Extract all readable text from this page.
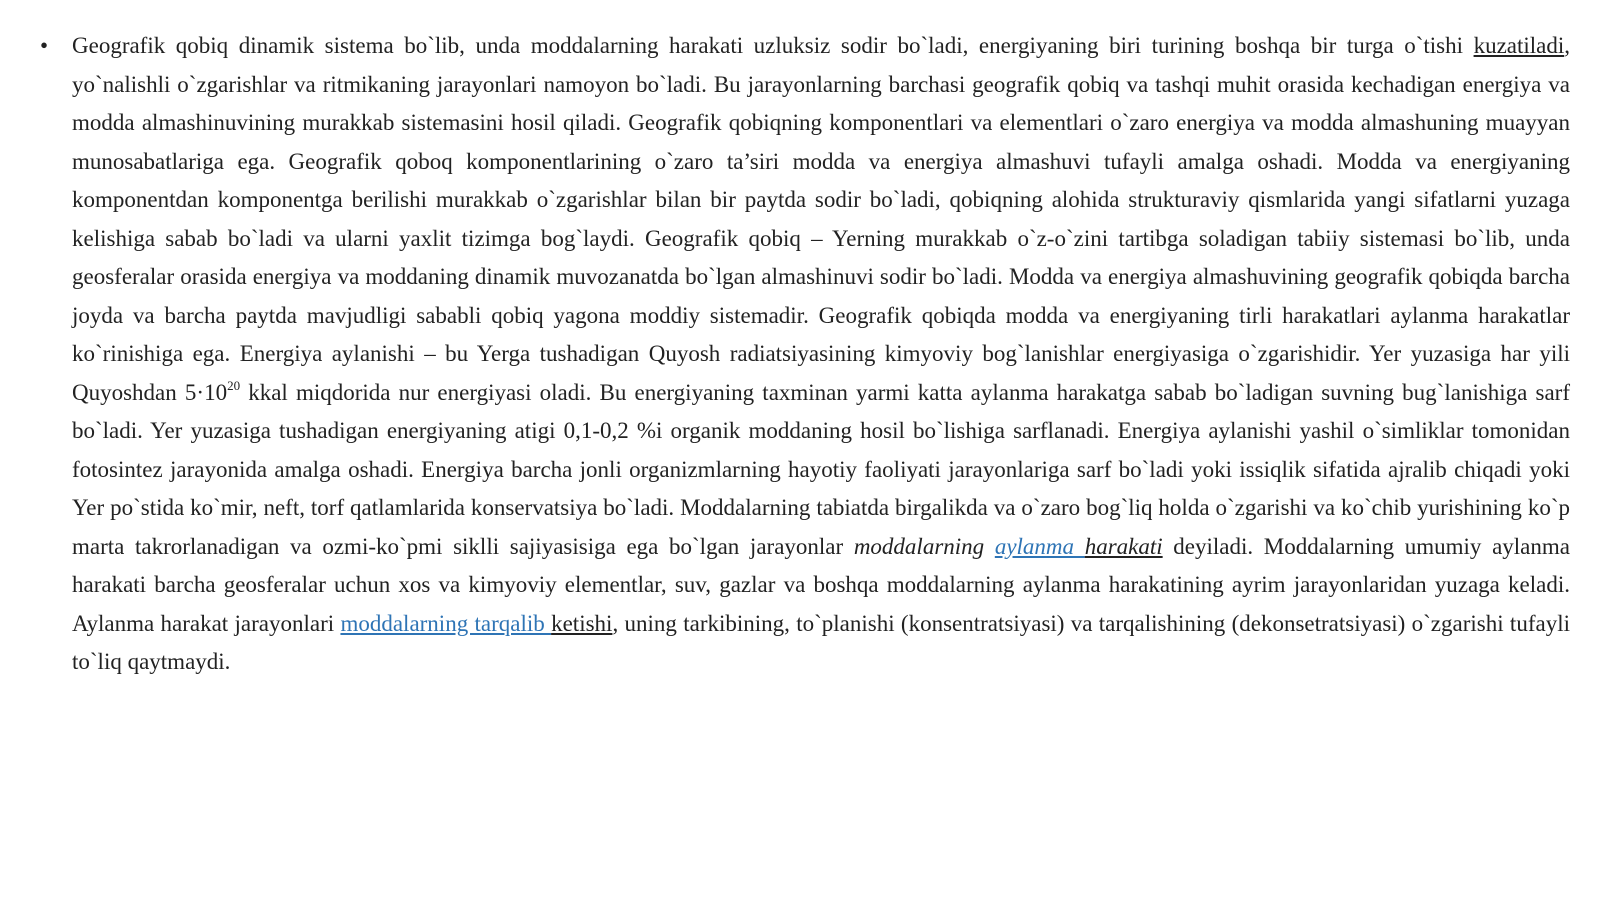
• Geografik qobiq dinamik sistema bo`lib, unda moddalarning harakati uzluksiz sodir bo`ladi, energiyaning biri turining boshqa bir turga o`tishi kuzatiladi, yo`nalishli o`zgarishlar va ritmikaning jarayonlari namoyon bo`ladi. Bu jarayonlarning barchasi geografik qobiq va tashqi muhit orasida kechadigan energiya va modda almashinuvining murakkab sistemasini hosil qiladi. Geografik qobiqning komponentlari va elementlari o`zaro energiya va modda almashuning muayyan munosabatlariga ega. Geografik qoboq komponentlarining o`zaro ta’siri modda va energiya almashuvi tufayli amalga oshadi. Modda va energiyaning komponentdan komponentga berilishi murakkab o`zgarishlar bilan bir paytda sodir bo`ladi, qobiqning alohida strukturaviy qismlarida yangi sifatlarni yuzaga kelishiga sabab bo`ladi va ularni yaxlit tizimga bog`laydi. Geografik qobiq – Yerning murakkab o`z-o`zini tartibga soladigan tabiiy sistemasi bo`lib, unda geosferalar orasida energiya va moddaning dinamik muvozanatda bo`lgan almashinuvi sodir bo`ladi. Modda va energiya almashuvining geografik qobiqda barcha joyda va barcha paytda mavjudligi sababli qobiq yagona moddiy sistemadir. Geografik qobiqda modda va energiyaning tirli harakatlari aylanma harakatlar ko`rinishiga ega. Energiya aylanishi – bu Yerga tushadigan Quyosh radiatsiyasining kimyoviy bog`lanishlar energiyasiga o`zgarishidir. Yer yuzasiga har yili Quyoshdan $5\cdot 10^{20}$ kkal miqdorida nur energiyasi oladi. Bu energiyaning taxminan yarmi katta aylanma harakatga sabab bo`ladigan suvning bug`lanishiga sarf bo`ladi. Yer yuzasiga tushadigan energiyaning atigi 0,1-0,2 %i organik moddaning hosil bo`lishiga sarflanadi. Energiya aylanishi yashil o`simliklar tomonidan fotosintez jarayonida amalga oshadi. Energiya barcha jonli organizmlarning hayotiy faoliyati jarayonlariga sarf bo`ladi yoki issiqlik sifatida ajralib chiqadi yoki Yer po`stida ko`mir, neft, torf qatlamlarida konservatsiya bo`ladi. Moddalarning tabiatda birgalikda va o`zaro bog`liq holda o`zgarishi va ko`chib yurishining ko`p marta takrorlanadigan va ozmi-ko`pmi siklli sajiyasisiga ega bo`lgan jarayonlar moddalarning aylanma harakati deyiladi. Moddalarning umumiy aylanma harakati barcha geosferalar uchun xos va kimyoviy elementlar, suv, gazlar va boshqa moddalarning aylanma harakatining ayrim jarayonlaridan yuzaga keladi. Aylanma harakat jarayonlari moddalarning tarqalib ketishi, uning tarkibining, to`planishi (konsentratsiyasi) va tarqalishining (dekonsetratsiyasi) o`zgarishi tufayli to`liq qaytmaydi.
